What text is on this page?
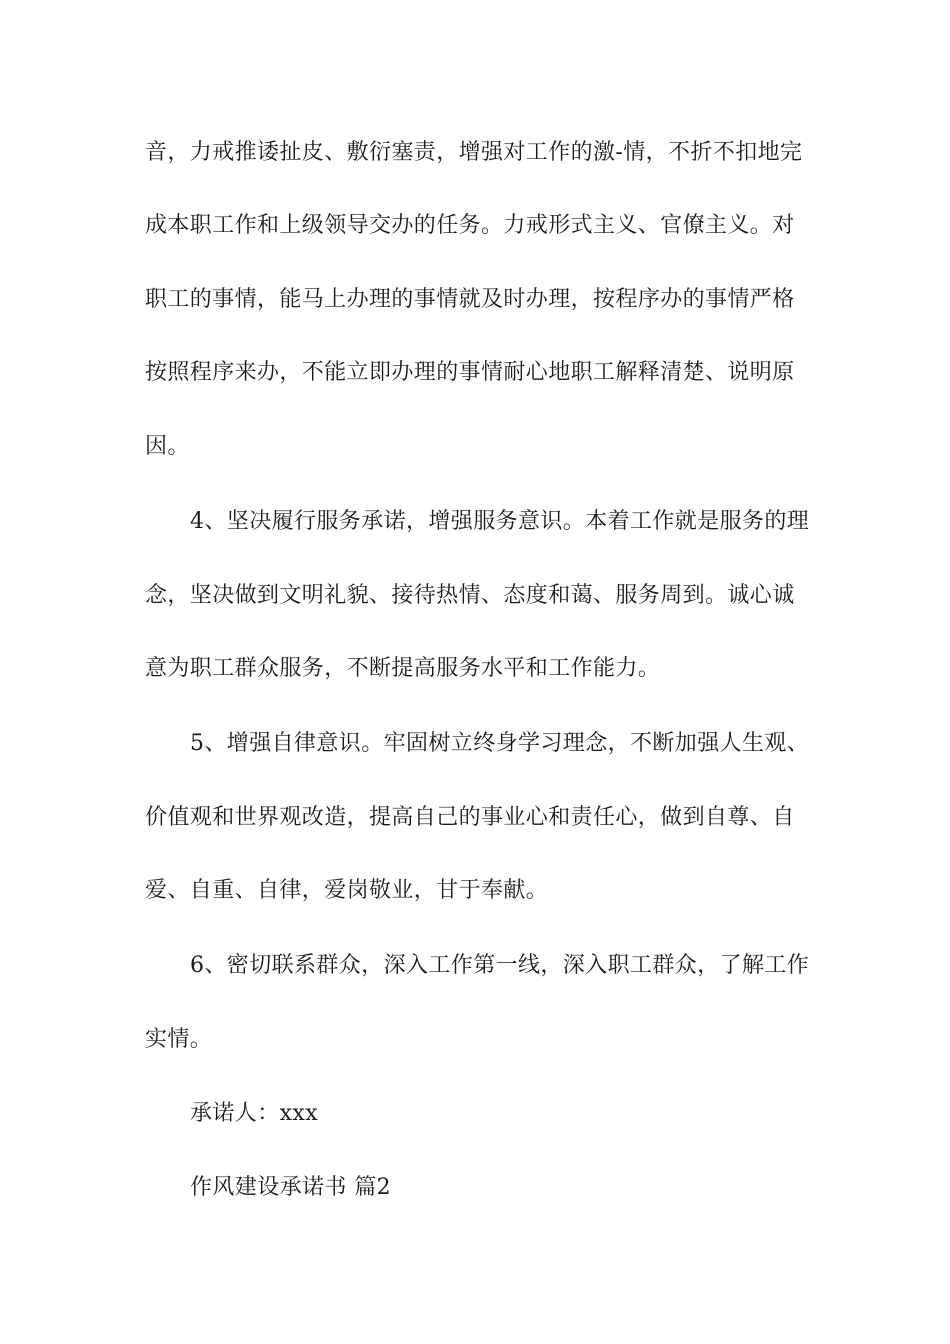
音，力戒推诿扯皮、敷衍塞责，增强对工作的激-情，不折不扣地完
成本职工作和上级领导交办的任务。力戒形式主义、官僚主义。对
职工的事情，能马上办理的事情就及时办理，按程序办的事情严格
按照程序来办，不能立即办理的事情耐心地职工解释清楚、说明原
因。
4、坚决履行服务承诺，增强服务意识。本着工作就是服务的理
念，坚决做到文明礼貌、接待热情、态度和蔼、服务周到。诚心诚
意为职工群众服务，不断提高服务水平和工作能力。
5、增强自律意识。牢固树立终身学习理念，不断加强人生观、
价值观和世界观改造，提高自己的事业心和责任心，做到自尊、自
爱、自重、自律，爱岗敬业，甘于奉献。
6、密切联系群众，深入工作第一线，深入职工群众，了解工作
实情。
承诺人：xxx
作风建设承诺书 篇2
